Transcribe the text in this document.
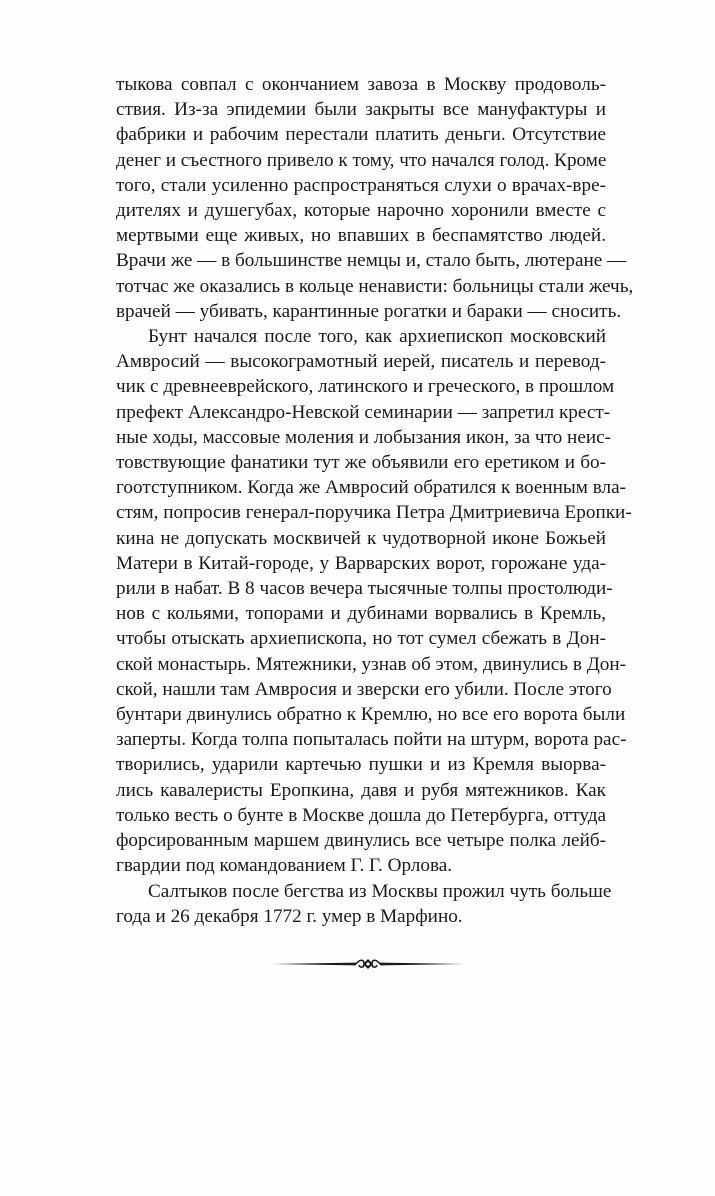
тыкова совпал с окончанием завоза в Москву продоволь-
ствия. Из-за эпидемии были закрыты все мануфактуры и
фабрики и рабочим перестали платить деньги. Отсутствие
денег и съестного привело к тому, что начался голод. Кроме
того, стали усиленно распространяться слухи о врачах-вре-
дителях и душегубах, которые нарочно хоронили вместе с
мертвыми еще живых, но впавших в беспамятство людей.
Врачи же — в большинстве немцы и, стало быть, лютеране —
тотчас же оказались в кольце ненависти: больницы стали жечь,
врачей — убивать, карантинные рогатки и бараки — сносить.
Бунт начался после того, как архиепископ московский
Амвросий — высокограмотный иерей, писатель и перевод-
чик с древнееврейского, латинского и греческого, в прошлом
префект Александро-Невской семинарии — запретил крест-
ные ходы, массовые моления и лобызания икон, за что неис-
товствующие фанатики тут же объявили его еретиком и бо-
гоотступником. Когда же Амвросий обратился к военным вла-
стям, попросив генерал-поручика Петра Дмитриевича Еропки-
кина не допускать москвичей к чудотворной иконе Божьей
Матери в Китай-городе, у Варварских ворот, горожане уда-
рили в набат. В 8 часов вечера тысячные толпы простолюди-
нов с кольями, топорами и дубинами ворвались в Кремль,
чтобы отыскать архиепископа, но тот сумел сбежать в Дон-
ской монастырь. Мятежники, узнав об этом, двинулись в Дон-
ской, нашли там Амвросия и зверски его убили. После этого
бунтари двинулись обратно к Кремлю, но все его ворота были
заперты. Когда толпа попыталась пойти на штурм, ворота рас-
творились, ударили картечью пушки и из Кремля выорва-
лись кавалеристы Еропкина, давя и рубя мятежников. Как
только весть о бунте в Москве дошла до Петербурга, оттуда
форсированным маршем двинулись все четыре полка лейб-
гвардии под командованием Г. Г. Орлова.
Салтыков после бегства из Москвы прожил чуть больше
года и 26 декабря 1772 г. умер в Марфино.
